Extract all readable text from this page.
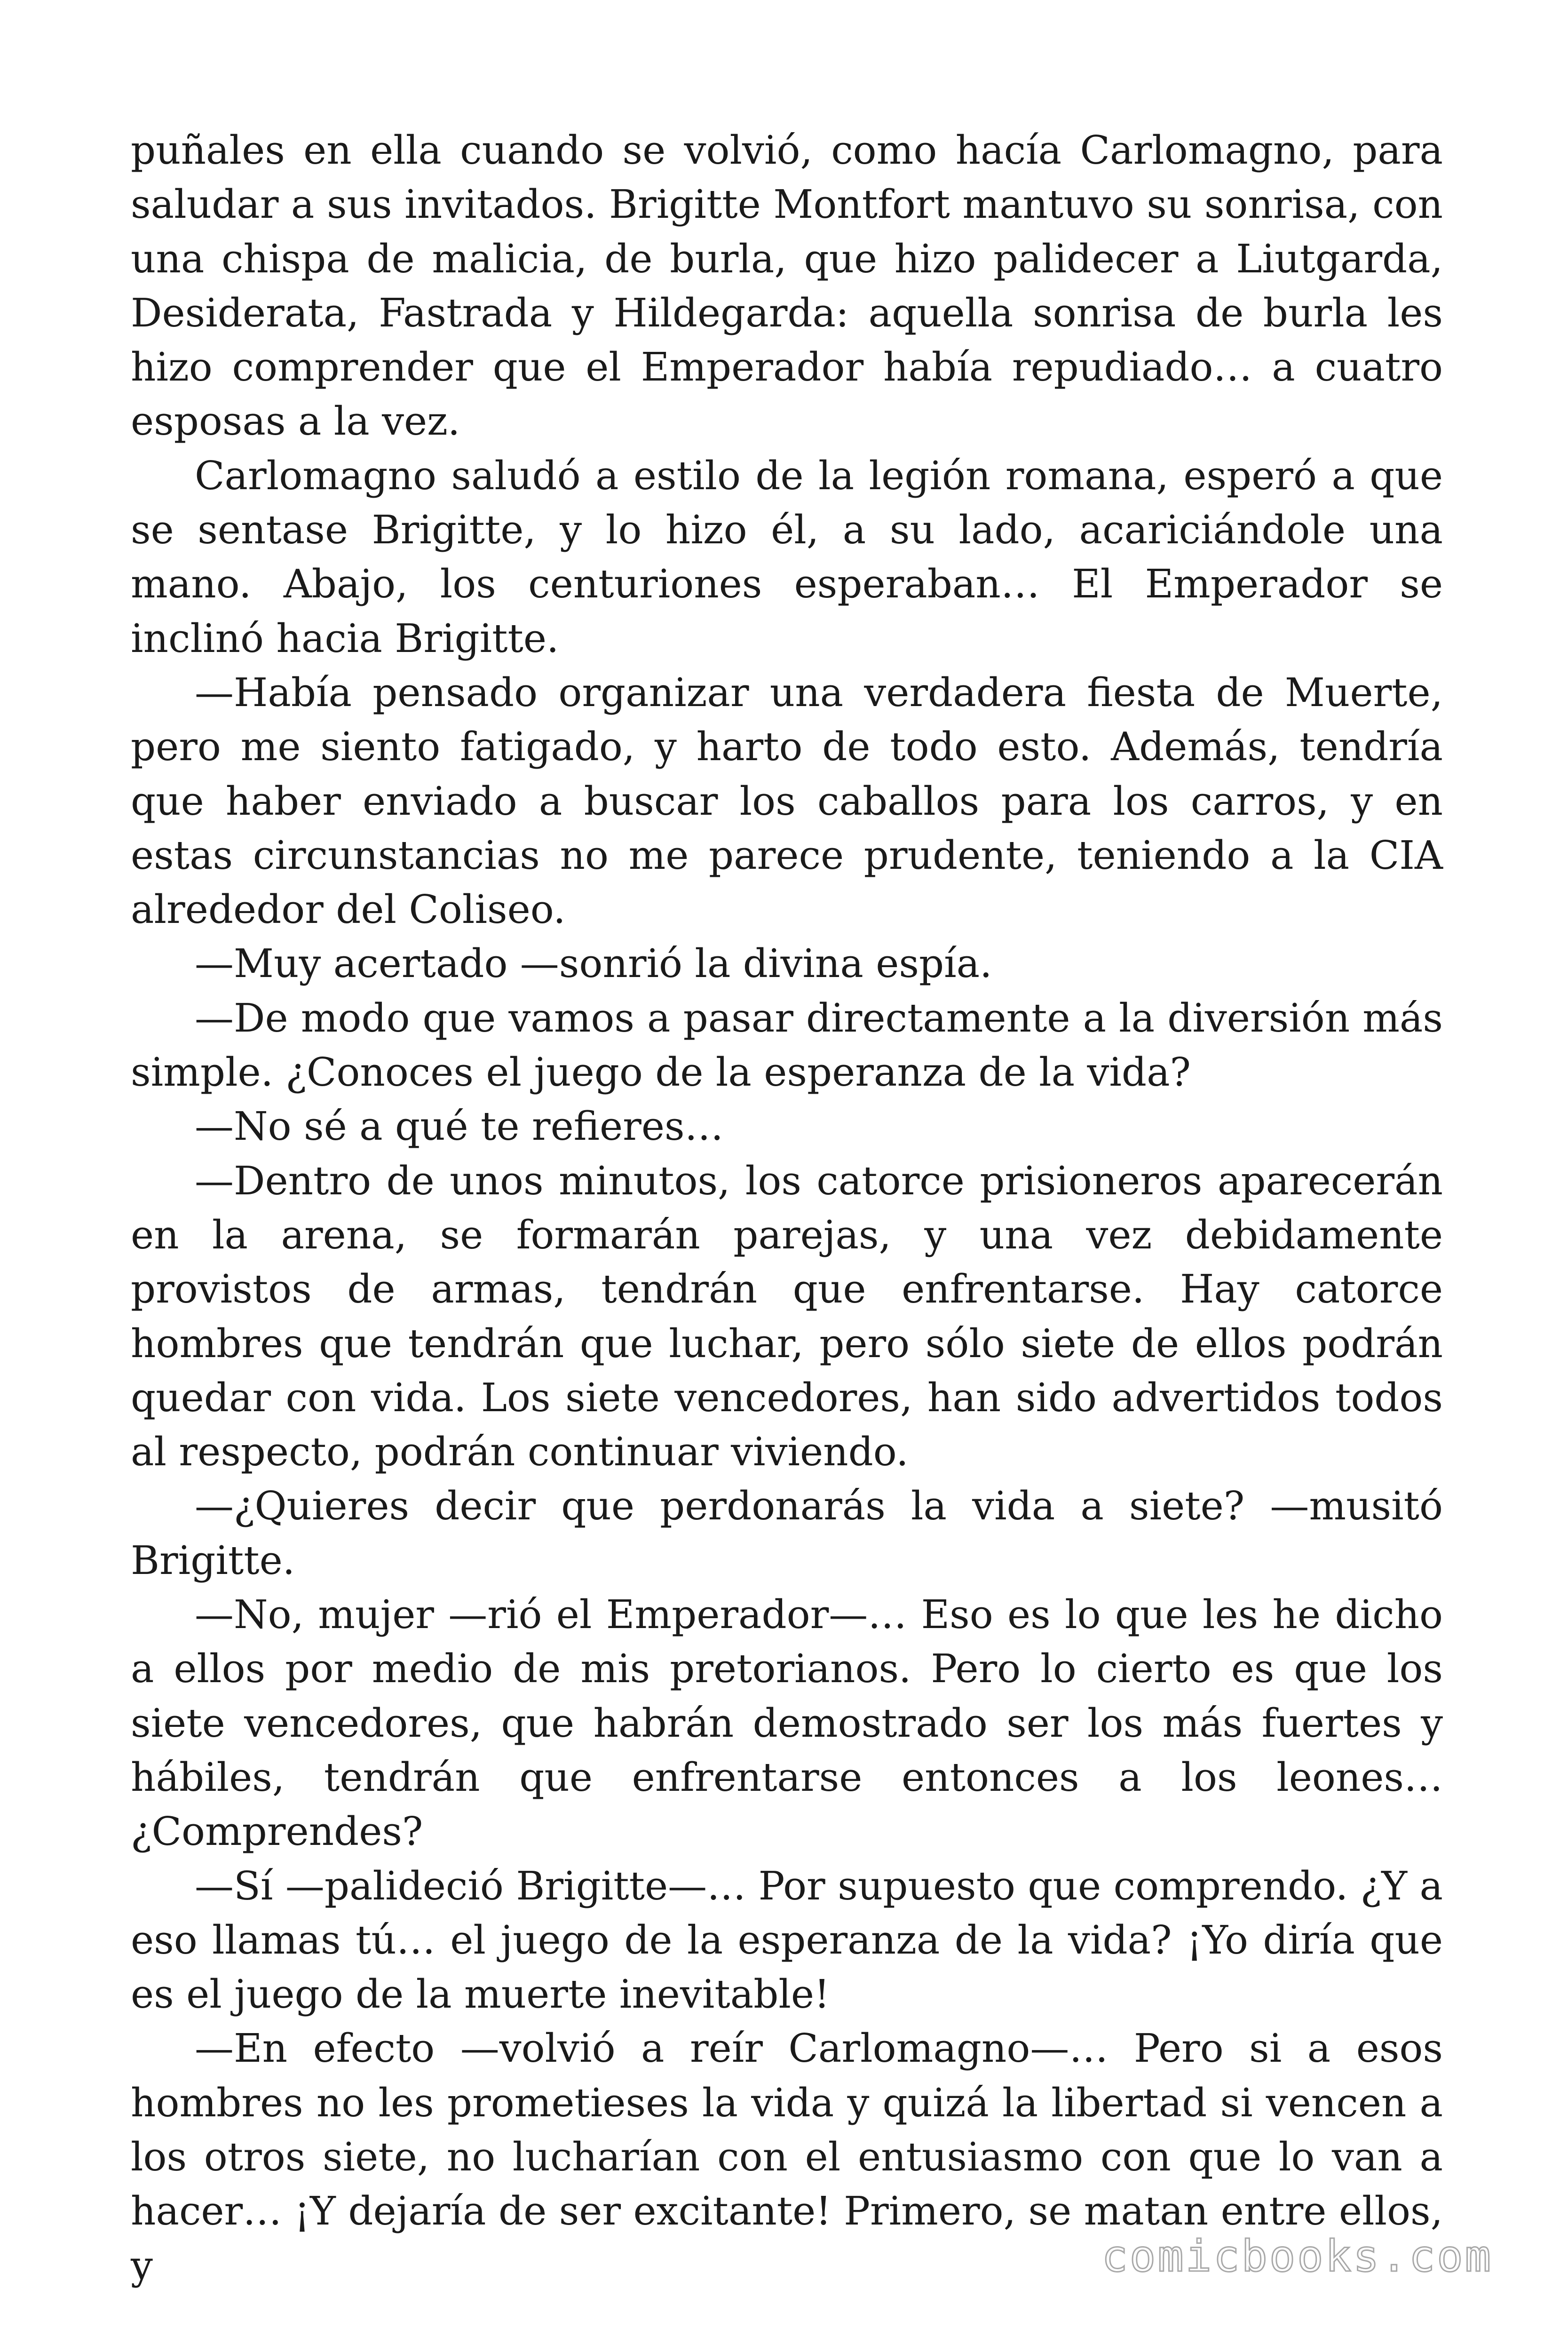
puñales en ella cuando se volvió, como hacía Carlomagno, para saludar a sus invitados. Brigitte Montfort mantuvo su sonrisa, con una chispa de malicia, de burla, que hizo palidecer a Liutgarda, Desiderata, Fastrada y Hildegarda: aquella sonrisa de burla les hizo comprender que el Emperador había repudiado… a cuatro esposas a la vez.

Carlomagno saludó a estilo de la legión romana, esperó a que se sentase Brigitte, y lo hizo él, a su lado, acariciándole una mano. Abajo, los centuriones esperaban… El Emperador se inclinó hacia Brigitte.

—Había pensado organizar una verdadera fiesta de Muerte, pero me siento fatigado, y harto de todo esto. Además, tendría que haber enviado a buscar los caballos para los carros, y en estas circunstancias no me parece prudente, teniendo a la CIA alrededor del Coliseo.

—Muy acertado —sonrió la divina espía.

—De modo que vamos a pasar directamente a la diversión más simple. ¿Conoces el juego de la esperanza de la vida?

—No sé a qué te refieres…

—Dentro de unos minutos, los catorce prisioneros aparecerán en la arena, se formarán parejas, y una vez debidamente provistos de armas, tendrán que enfrentarse. Hay catorce hombres que tendrán que luchar, pero sólo siete de ellos podrán quedar con vida. Los siete vencedores, han sido advertidos todos al respecto, podrán continuar viviendo.

—¿Quieres decir que perdonarás la vida a siete? —musitó Brigitte.

—No, mujer —rió el Emperador—… Eso es lo que les he dicho a ellos por medio de mis pretorianos. Pero lo cierto es que los siete vencedores, que habrán demostrado ser los más fuertes y hábiles, tendrán que enfrentarse entonces a los leones… ¿Comprendes?

—Sí —palideció Brigitte—… Por supuesto que comprendo. ¿Y a eso llamas tú… el juego de la esperanza de la vida? ¡Yo diría que es el juego de la muerte inevitable!

—En efecto —volvió a reír Carlomagno—… Pero si a esos hombres no les prometieses la vida y quizá la libertad si vencen a los otros siete, no lucharían con el entusiasmo con que lo van a hacer… ¡Y dejaría de ser excitante! Primero, se matan entre ellos, y	comicbooks.com
